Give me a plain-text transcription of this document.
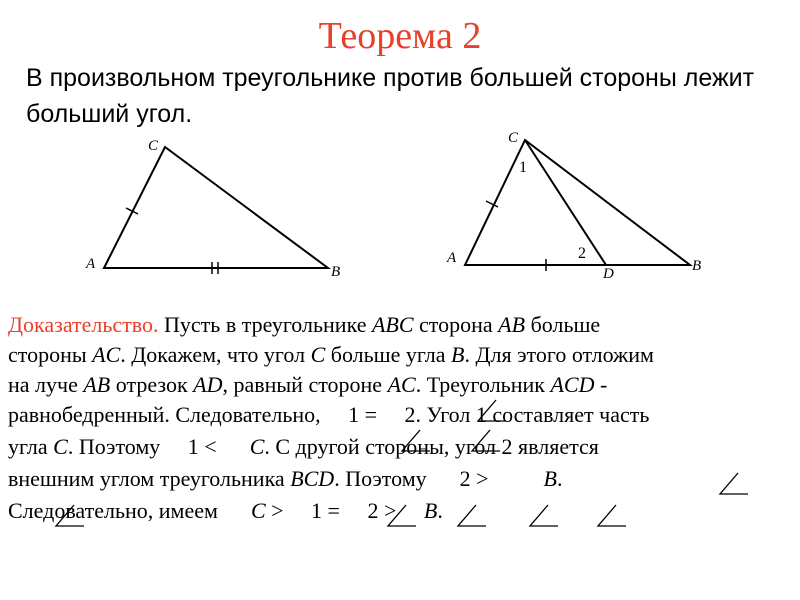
Теорема 2
В произвольном треугольнике против большей стороны лежит больший угол.
A	B
C
A	B
C
D
1
2
Доказательство. Пусть в треугольнике ABC сторона AB больше
стороны AC. Докажем, что угол C больше угла B. Для этого отложим
на луче AB отрезок AD, равный стороне AC. Треугольник ACD -
равнобедренный. Следовательно,     1 =     2. Угол 1 составляет часть
угла C. Поэтому     1 <      C. С другой стороны, угол 2 является
внешним углом треугольника BCD. Поэтому      2 >          B.
Следовательно, имеем      C >     1 =     2 >     B.
